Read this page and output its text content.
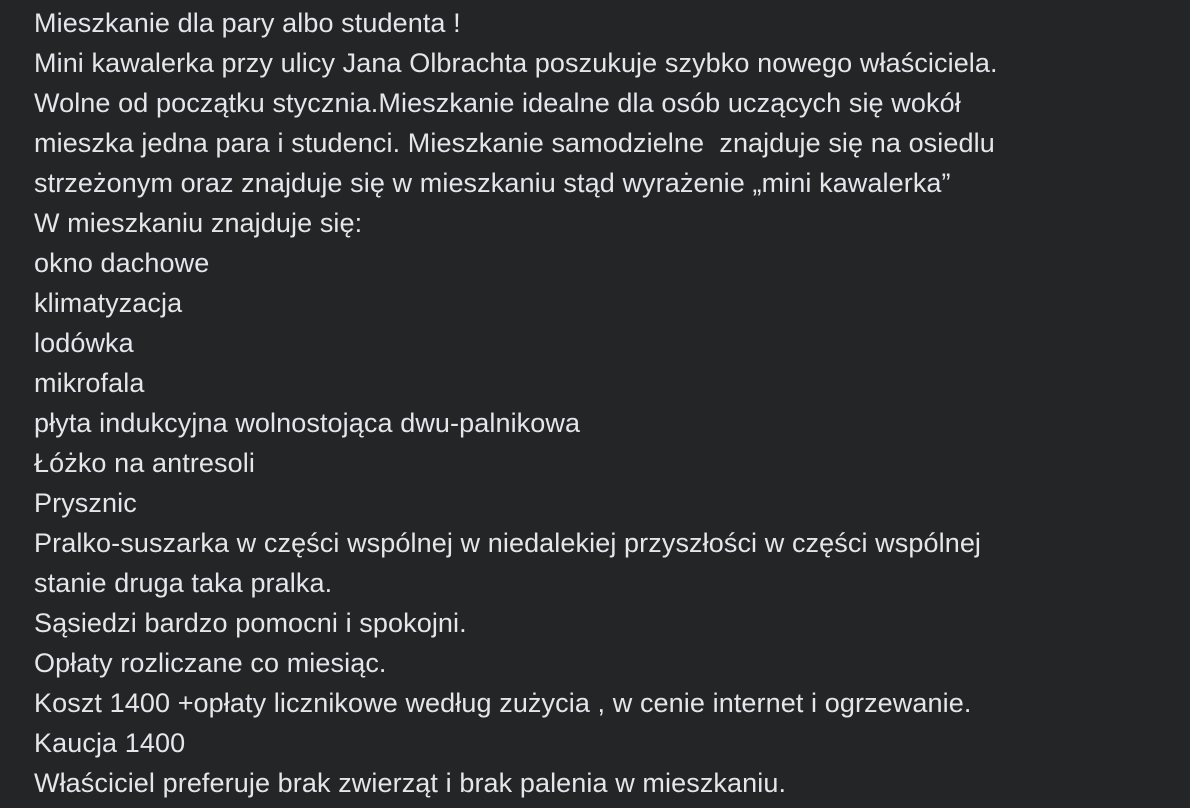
Mieszkanie dla pary albo studenta !
Mini kawalerka przy ulicy Jana Olbrachta poszukuje szybko nowego właściciela.
Wolne od początku stycznia.Mieszkanie idealne dla osób uczących się wokół
mieszka jedna para i studenci. Mieszkanie samodzielne  znajduje się na osiedlu
strzeżonym oraz znajduje się w mieszkaniu stąd wyrażenie „mini kawalerka”
W mieszkaniu znajduje się:
okno dachowe
klimatyzacja
lodówka
mikrofala
płyta indukcyjna wolnostojąca dwu-palnikowa
Łóżko na antresoli
Prysznic
Pralko-suszarka w części wspólnej w niedalekiej przyszłości w części wspólnej
stanie druga taka pralka.
Sąsiedzi bardzo pomocni i spokojni.
Opłaty rozliczane co miesiąc.
Koszt 1400 +opłaty licznikowe według zużycia , w cenie internet i ogrzewanie.
Kaucja 1400
Właściciel preferuje brak zwierząt i brak palenia w mieszkaniu.
